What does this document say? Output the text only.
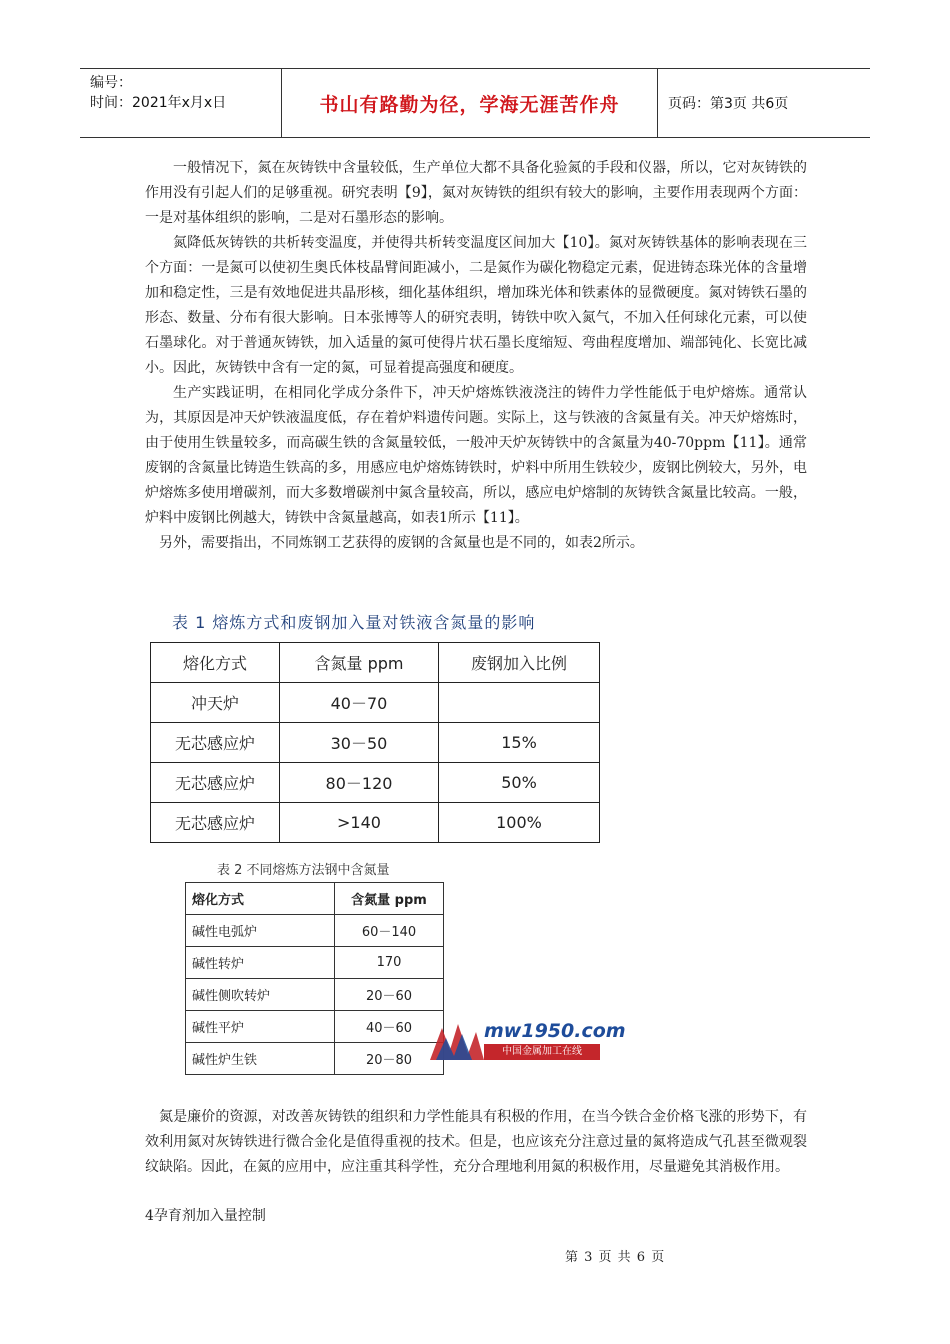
编号：
时间：2021年x月x日	书山有路勤为径，学海无涯苦作舟	页码：第3页 共6页

一般情况下，氮在灰铸铁中含量较低，生产单位大都不具备化验氮的手段和仪器，所以，它对灰铸铁的作用没有引起人们的足够重视。研究表明【9】，氮对灰铸铁的组织有较大的影响，主要作用表现两个方面：一是对基体组织的影响，二是对石墨形态的影响。

氮降低灰铸铁的共析转变温度，并使得共析转变温度区间加大【10】。氮对灰铸铁基体的影响表现在三个方面：一是氮可以使初生奥氏体枝晶臂间距减小，二是氮作为碳化物稳定元素，促进铸态珠光体的含量增加和稳定性，三是有效地促进共晶形核，细化基体组织，增加珠光体和铁素体的显微硬度。氮对铸铁石墨的形态、数量、分布有很大影响。日本张博等人的研究表明，铸铁中吹入氮气，不加入任何球化元素，可以使石墨球化。对于普通灰铸铁，加入适量的氮可使得片状石墨长度缩短、弯曲程度增加、端部钝化、长宽比减小。因此，灰铸铁中含有一定的氮，可显着提高强度和硬度。

生产实践证明，在相同化学成分条件下，冲天炉熔炼铁液浇注的铸件力学性能低于电炉熔炼。通常认为，其原因是冲天炉铁液温度低，存在着炉料遗传问题。实际上，这与铁液的含氮量有关。冲天炉熔炼时，由于使用生铁量较多，而高碳生铁的含氮量较低，一般冲天炉灰铸铁中的含氮量为40-70ppm【11】。通常废钢的含氮量比铸造生铁高的多，用感应电炉熔炼铸铁时，炉料中所用生铁较少，废钢比例较大，另外，电炉熔炼多使用增碳剂，而大多数增碳剂中氮含量较高，所以，感应电炉熔制的灰铸铁含氮量比较高。一般，炉料中废钢比例越大，铸铁中含氮量越高，如表1所示【11】。

另外，需要指出，不同炼钢工艺获得的废钢的含氮量也是不同的，如表2所示。

表 1 熔炼方式和废钢加入量对铁液含氮量的影响
熔化方式	含氮量 ppm	废钢加入比例
冲天炉	40－70	
无芯感应炉	30－50	15%
无芯感应炉	80－120	50%
无芯感应炉	>140	100%
表 2 不同熔炼方法钢中含氮量
熔化方式	含氮量 ppm
碱性电弧炉	60－140
碱性转炉	170
碱性侧吹转炉	20－60
碱性平炉	40－60
碱性炉生铁	20－80
mw1950.com
中国金属加工在线

氮是廉价的资源，对改善灰铸铁的组织和力学性能具有积极的作用，在当今铁合金价格飞涨的形势下，有效利用氮对灰铸铁进行微合金化是值得重视的技术。但是，也应该充分注意过量的氮将造成气孔甚至微观裂纹缺陷。因此，在氮的应用中，应注重其科学性，充分合理地利用氮的积极作用，尽量避免其消极作用。

4孕育剂加入量控制
第 3 页 共 6 页
